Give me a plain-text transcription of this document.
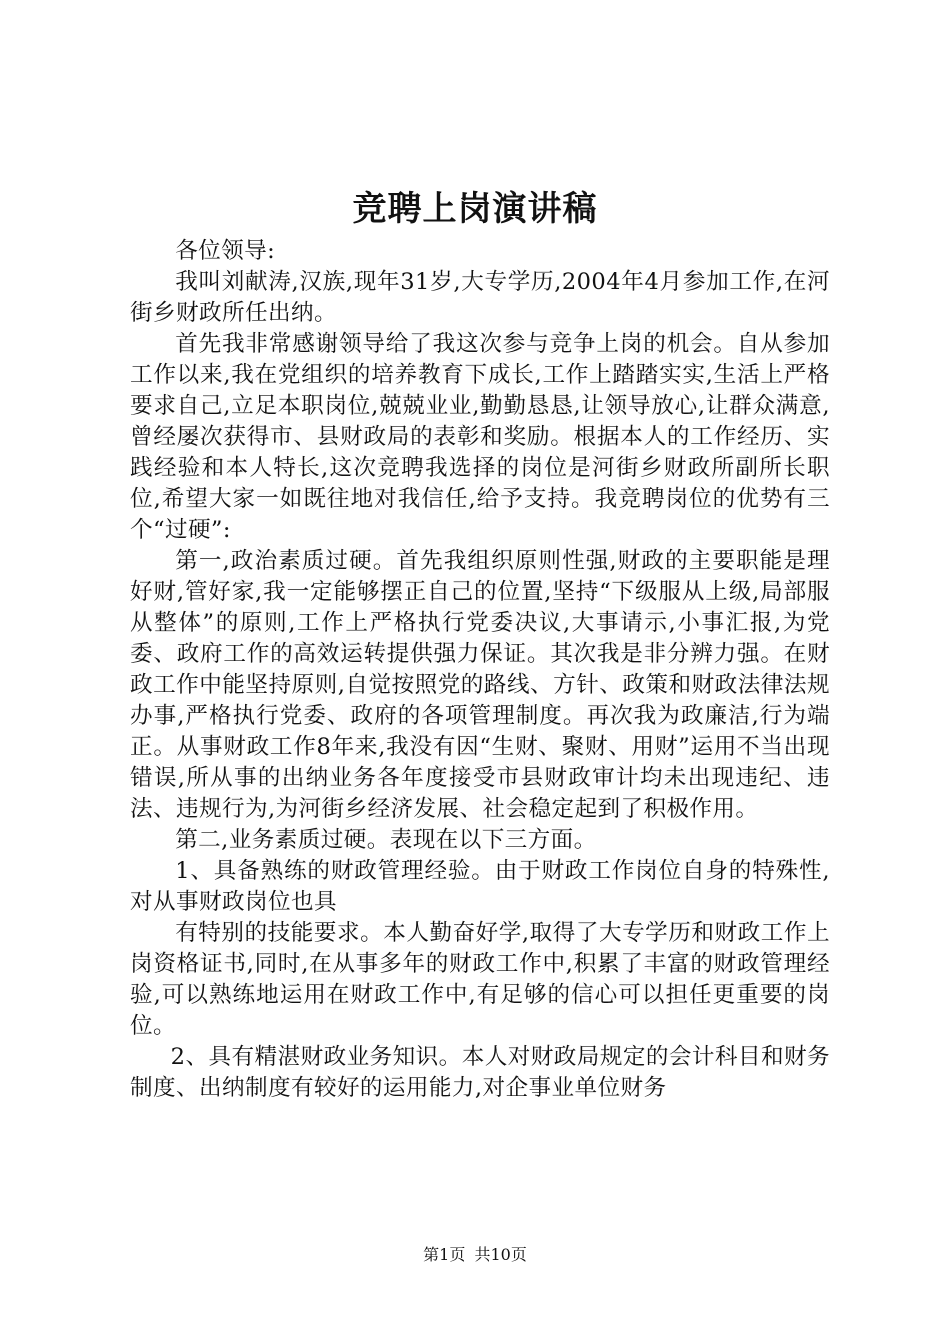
竞聘上岗演讲稿

各位领导:

我叫刘献涛,汉族,现年31岁,大专学历,2004年4月参加工作,在河街乡财政所任出纳。

首先我非常感谢领导给了我这次参与竞争上岗的机会。自从参加工作以来,我在党组织的培养教育下成长,工作上踏踏实实,生活上严格要求自己,立足本职岗位,兢兢业业,勤勤恳恳,让领导放心,让群众满意,曾经屡次获得市、县财政局的表彰和奖励。根据本人的工作经历、实践经验和本人特长,这次竞聘我选择的岗位是河街乡财政所副所长职位,希望大家一如既往地对我信任,给予支持。我竞聘岗位的优势有三个“过硬”:

第一,政治素质过硬。首先我组织原则性强,财政的主要职能是理好财,管好家,我一定能够摆正自己的位置,坚持“下级服从上级,局部服从整体”的原则,工作上严格执行党委决议,大事请示,小事汇报,为党委、政府工作的高效运转提供强力保证。其次我是非分辨力强。在财政工作中能坚持原则,自觉按照党的路线、方针、政策和财政法律法规办事,严格执行党委、政府的各项管理制度。再次我为政廉洁,行为端正。从事财政工作8年来,我没有因“生财、聚财、用财”运用不当出现错误,所从事的出纳业务各年度接受市县财政审计均未出现违纪、违法、违规行为,为河街乡经济发展、社会稳定起到了积极作用。

第二,业务素质过硬。表现在以下三方面。

1、具备熟练的财政管理经验。由于财政工作岗位自身的特殊性,对从事财政岗位也具

有特别的技能要求。本人勤奋好学,取得了大专学历和财政工作上岗资格证书,同时,在从事多年的财政工作中,积累了丰富的财政管理经验,可以熟练地运用在财政工作中,有足够的信心可以担任更重要的岗位。

2、具有精湛财政业务知识。本人对财政局规定的会计科目和财务制度、出纳制度有较好的运用能力,对企事业单位财务

第1页 共10页
